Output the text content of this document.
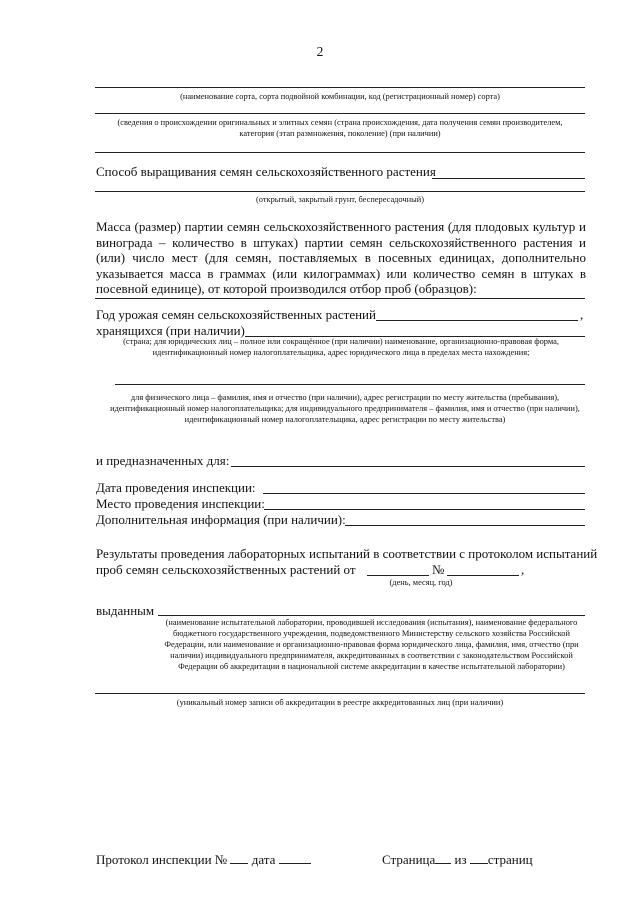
2
(наименование сорта, сорта подвойной комбинации, код (регистрационный номер) сорта)
(сведения о происхождении оригинальных и элитных семян (страна происхождения, дата получения семян производителем, категория (этап размножения, поколение) (при наличии)
Способ выращивания семян сельскохозяйственного растения
(открытый, закрытый грунт, беспересадочный)
Масса (размер) партии семян сельскохозяйственного растения (для плодовых культур и винограда – количество в штуках) партии семян сельскохозяйственного растения и (или) число мест (для семян, поставляемых в посевных единицах, дополнительно указывается масса в граммах (или килограммах) или количество семян в штуках в посевной единице), от которой производился отбор проб (образцов):
Год урожая семян сельскохозяйственных растений	,
хранящихся (при наличии)
(страна; для юридических лиц – полное или сокращённое (при наличии) наименование, организационно-правовая форма, идентификационный номер налогоплательщика, адрес юридического лица в пределах места нахождения;
для физического лица – фамилия, имя и отчество (при наличии), адрес регистрации по месту жительства (пребывания), идентификационный номер налогоплательщика; для индивидуального предпринимателя – фамилия, имя и отчество (при наличии), идентификационный номер налогоплательщика, адрес регистрации по месту жительства)
и предназначенных для:
Дата проведения инспекции:
Место проведения инспекции:
Дополнительная информация (при наличии):
Результаты проведения лабораторных испытаний в соответствии с протоколом испытаний
проб семян сельскохозяйственных растений от	№	,
(день, месяц, год)
выданным
(наименование испытательной лаборатории, проводившей исследования (испытания), наименование федерального бюджетного государственного учреждения, подведомственного Министерству сельского хозяйства Российской Федерации, или наименование и организационно-правовая форма юридического лица, фамилия, имя, отчество (при наличии) индивидуального предпринимателя, аккредитованных в соответствии с законодательством Российской Федерации об аккредитации в национальной системе аккредитации в качестве испытательной лаборатории)
(уникальный номер записи об аккредитации в реестре аккредитованных лиц (при наличии)
Протокол инспекции № дата	Страница из страниц
